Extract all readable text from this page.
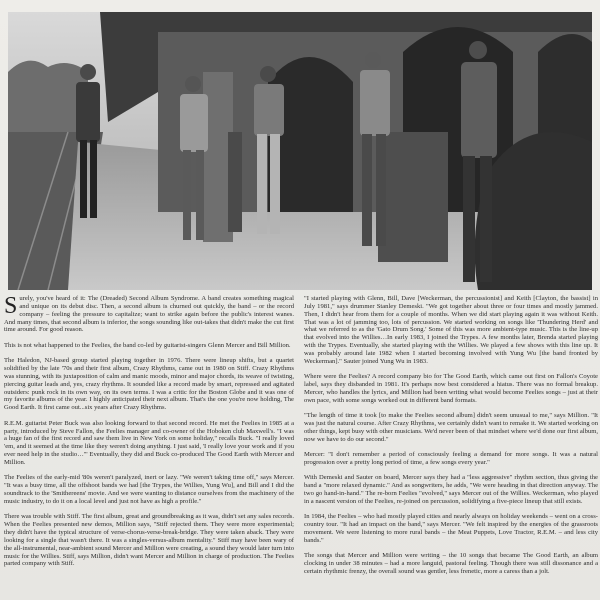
Surely, you've heard of it: The (Dreaded) Second Album Syndrome. A band creates something magical and unique on its debut disc. Then, a second album is churned out quickly, the band – or the record company – feeling the pressure to capitalize; want to strike again before the public's interest wanes. And many times, that second album is inferior, the songs sounding like out-takes that didn't make the cut first time around. For good reason.

This is not what happened to the Feelies, the band co-led by guitarist-singers Glenn Mercer and Bill Million.

The Haledon, NJ-based group started playing together in 1976. There were lineup shifts, but a quartet solidified by the late '70s and their first album, Crazy Rhythms, came out in 1980 on Stiff. Crazy Rhythms was stunning, with its juxtaposition of calm and manic moods, minor and major chords, its weave of twisting, piercing guitar leads and, yes, crazy rhythms. It sounded like a record made by smart, repressed and agitated outsiders: punk rock in its own way, on its own terms. I was a critic for the Boston Globe and it was one of my favorite albums of the year. I highly anticipated their next album. That's the one you're now holding, The Good Earth. It first came out...six years after Crazy Rhythms.

R.E.M. guitarist Peter Buck was also looking forward to that second record. He met the Feelies in 1985 at a party, introduced by Steve Fallon, the Feelies manager and co-owner of the Hoboken club Maxwell's. "I was a huge fan of the first record and saw them live in New York on some holiday," recalls Buck. "I really loved 'em, and it seemed at the time like they weren't doing anything. I just said, 'I really love your work and if you ever need help in the studio…'" Eventually, they did and Buck co-produced The Good Earth with Mercer and Million.

The Feelies of the early-mid '80s weren't paralyzed, inert or lazy. "We weren't taking time off," says Mercer. "It was a busy time, all the offshoot bands we had [the Trypes, the Willies, Yung Wu], and Bill and I did the soundtrack to the 'Smithereens' movie. And we were wanting to distance ourselves from the machinery of the music industry, to do it on a local level and just not have as high a profile."

There was trouble with Stiff. The first album, great and groundbreaking as it was, didn't set any sales records. When the Feelies presented new demos, Million says, "Stiff rejected them. They were more experimental; they didn't have the typical structure of verse-chorus-verse-break-bridge. They were taken aback. They were looking for a single that wasn't there. It was a singles-versus-album mentality." Stiff may have been wary of the all-instrumental, near-ambient sound Mercer and Million were creating, a sound they would later turn into music for the Willies. Stiff, says Million, didn't want Mercer and Million in charge of production. The Feelies parted company with Stiff.

"I started playing with Glenn, Bill, Dave [Weckerman, the percussionist] and Keith [Clayton, the bassist] in July 1981," says drummer Stanley Demeski. "We got together about three or four times and mostly jammed. Then, I didn't hear from them for a couple of months. When we did start playing again it was without Keith. That was a lot of jamming too, lots of percussion. We started working on songs like 'Thundering Herd' and what we referred to as the 'Gato Drum Song.' Some of this was more ambient-type music. This is the line-up that evolved into the Willies…In early 1983, I joined the Trypes. A few months later, Brenda started playing with the Trypes. Eventually, she started playing with the Willies. We played a few shows with this line up. It was probably around late 1982 when I started becoming involved with Yung Wu [the band fronted by Weckerman]." Sauter joined Yung Wu in 1983.

Where were the Feelies? A record company bio for The Good Earth, which came out first on Fallon's Coyote label, says they disbanded in 1981. It's perhaps now best considered a hiatus. There was no formal breakup. Mercer, who handles the lyrics, and Million had been writing what would become Feelies songs – just at their own pace, with some songs worked out in different band formats.

"The length of time it took [to make the Feelies second album] didn't seem unusual to me," says Million. "It was just the natural course. After Crazy Rhythms, we certainly didn't want to remake it. We started working on other things, kept busy with other musicians. We'd never been of that mindset where we'd done our first album, now we have to do our second."

Mercer: "I don't remember a period of consciously feeling a demand for more songs. It was a natural progression over a pretty long period of time, a few songs every year."

With Demeski and Sauter on board, Mercer says they had a "less aggressive" rhythm section, thus giving the band a "more relaxed dynamic." And as songwriters, he adds, "We were heading in that direction anyway. The two go hand-in-hand." The re-born Feelies "evolved," says Mercer out of the Willies. Weckerman, who played in a nascent version of the Feelies, re-joined on percussion, solidifying a five-piece lineup that still exists.

In 1984, the Feelies – who had mostly played cities and nearly always on holiday weekends – went on a cross-country tour. "It had an impact on the band," says Mercer. "We felt inspired by the energies of the grassroots movement. We were listening to more rural bands – the Meat Puppets, Love Tractor, R.E.M. – and less city bands."

The songs that Mercer and Million were writing – the 10 songs that became The Good Earth, an album clocking in under 38 minutes – had a more languid, pastoral feeling. Though there was still dissonance and a certain rhythmic frenzy, the overall sound was gentler, less frenetic, more a caress than a jolt.
